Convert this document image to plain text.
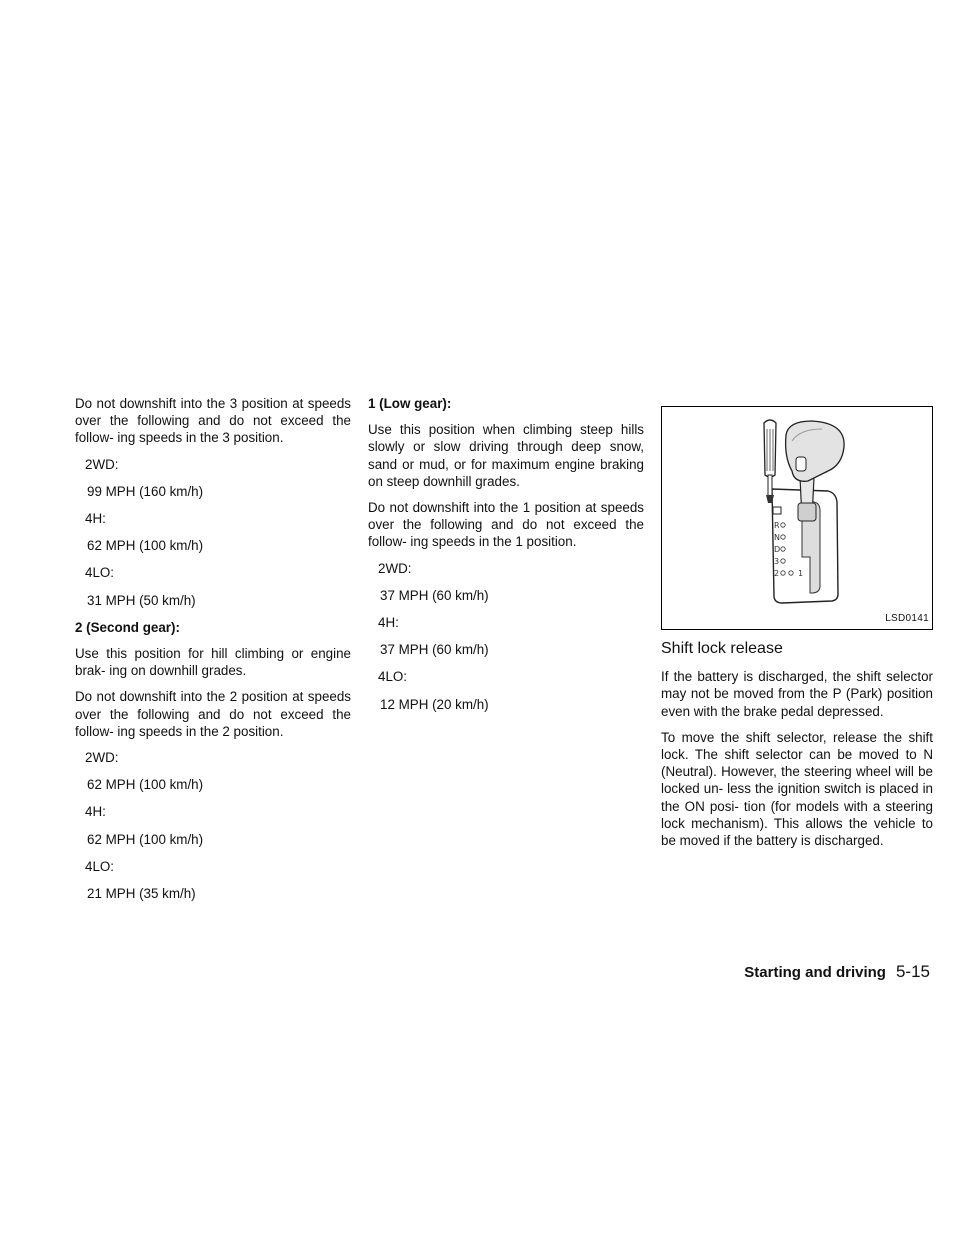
Do not downshift into the 3 position at speeds over the following and do not exceed the follow- ing speeds in the 3 position.

2WD:
99 MPH (160 km/h)
4H:
62 MPH (100 km/h)
4LO:
31 MPH (50 km/h)
2 (Second gear):

Use this position for hill climbing or engine brak- ing on downhill grades.

Do not downshift into the 2 position at speeds over the following and do not exceed the follow- ing speeds in the 2 position.

2WD:
62 MPH (100 km/h)
4H:
62 MPH (100 km/h)
4LO:
21 MPH (35 km/h)
1 (Low gear):

Use this position when climbing steep hills slowly or slow driving through deep snow, sand or mud, or for maximum engine braking on steep downhill grades.

Do not downshift into the 1 position at speeds over the following and do not exceed the follow- ing speeds in the 1 position.

2WD:
37 MPH (60 km/h)
4H:
37 MPH (60 km/h)
4LO:
12 MPH (20 km/h)
R
N
D
3
2 1
LSD0141
Shift lock release

If the battery is discharged, the shift selector may not be moved from the P (Park) position even with the brake pedal depressed.

To move the shift selector, release the shift lock. The shift selector can be moved to N (Neutral). However, the steering wheel will be locked un- less the ignition switch is placed in the ON posi- tion (for models with a steering lock mechanism). This allows the vehicle to be moved if the battery is discharged.

Starting and driving 5-15
